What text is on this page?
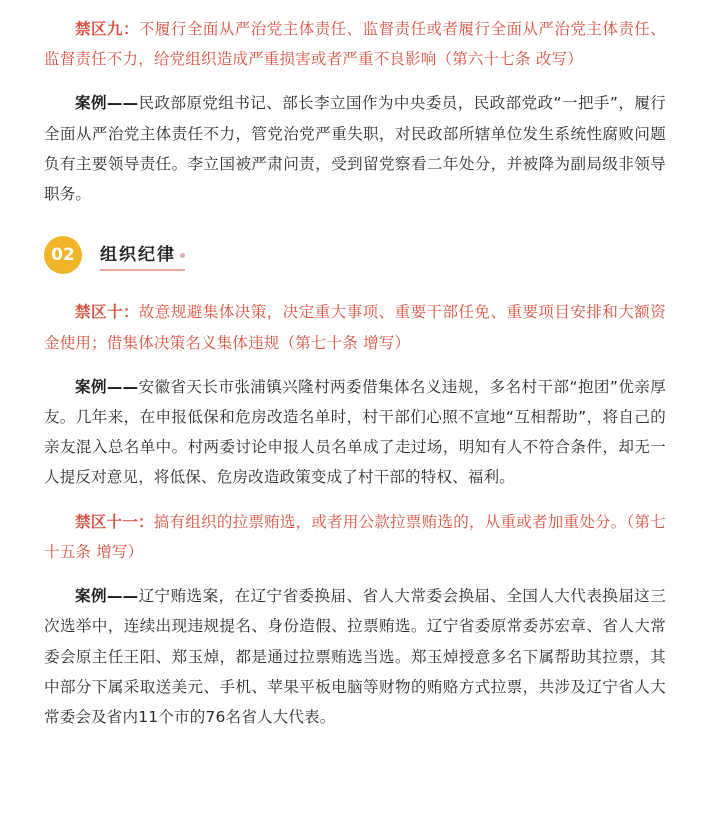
禁区九：不履行全面从严治党主体责任、监督责任或者履行全面从严治党主体责任、监督责任不力，给党组织造成严重损害或者严重不良影响（第六十七条 改写）

案例——民政部原党组书记、部长李立国作为中央委员，民政部党政“一把手”，履行全面从严治党主体责任不力，管党治党严重失职，对民政部所辖单位发生系统性腐败问题负有主要领导责任。李立国被严肃问责，受到留党察看二年处分，并被降为副局级非领导职务。

02	组织纪律

禁区十：故意规避集体决策，决定重大事项、重要干部任免、重要项目安排和大额资金使用；借集体决策名义集体违规（第七十条 增写）

案例——安徽省天长市张浦镇兴隆村两委借集体名义违规，多名村干部“抱团”优亲厚友。几年来，在申报低保和危房改造名单时，村干部们心照不宣地“互相帮助”，将自己的亲友混入总名单中。村两委讨论申报人员名单成了走过场，明知有人不符合条件，却无一人提反对意见，将低保、危房改造政策变成了村干部的特权、福利。

禁区十一：搞有组织的拉票贿选，或者用公款拉票贿选的，从重或者加重处分。（第七十五条 增写）

案例——辽宁贿选案，在辽宁省委换届、省人大常委会换届、全国人大代表换届这三次选举中，连续出现违规提名、身份造假、拉票贿选。辽宁省委原常委苏宏章、省人大常委会原主任王阳、郑玉焯，都是通过拉票贿选当选。郑玉焯授意多名下属帮助其拉票，其中部分下属采取送美元、手机、苹果平板电脑等财物的贿赂方式拉票，共涉及辽宁省人大常委会及省内11个市的76名省人大代表。
